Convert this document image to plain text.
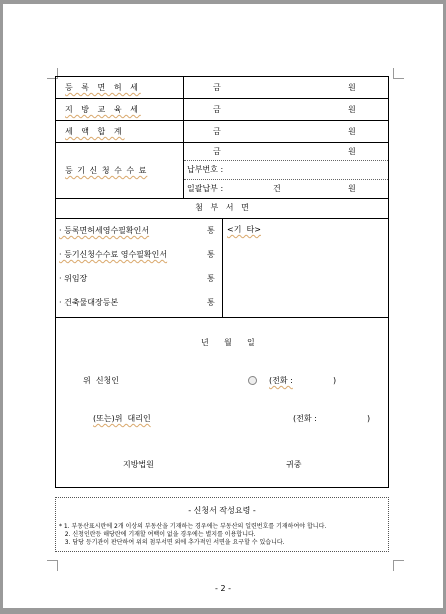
등 록 면 허 세	금	원
지 방 교 육 세	금	원
세 액 합 계	금	원
등 기 신 청 수 수 료
금	원
납부번호 :
일괄납부 :	건	원
첨   부   서   면
· 등록면허세영수필확인서	통
· 등기신청수수료 영수필확인서	통
· 위임장	통
· 건축물대장등본	통
<기  타>
년      월      일
위  신청인	(전화 :	)
(또는)위  대리인	(전화 :	)
지방법원	귀중
- 신청서 작성요령 -
* 1. 부동산표시란에 2개 이상의 부동산을 기재하는 경우에는 부동산의 일련번호를 기재하여야 합니다.
2. 신청인란등 해당란에 기재할 여백이 없을 경우에는 별지를 이용합니다.
3. 담당 등기관이 판단하여 위의 첨부서면 외에 추가적인 서면을 요구할 수 있습니다.
- 2 -
